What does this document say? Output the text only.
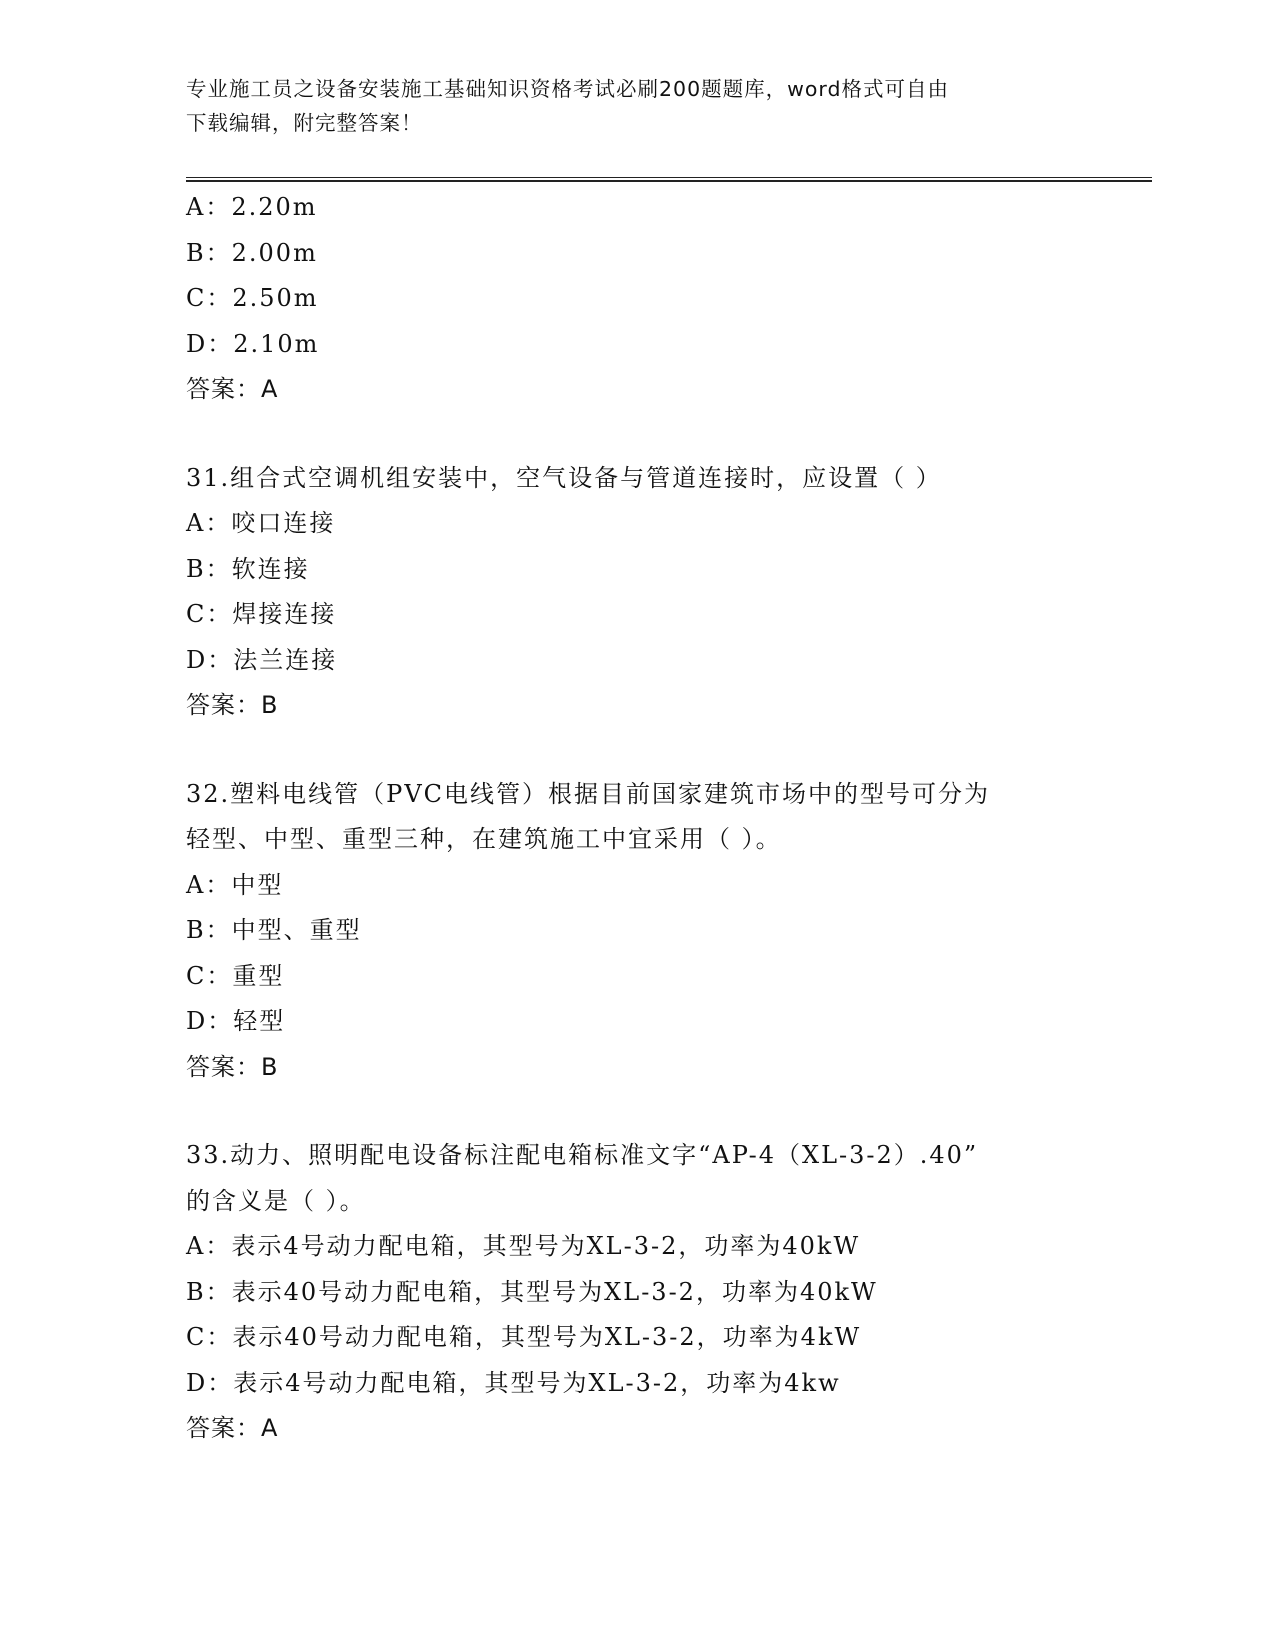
专业施工员之设备安装施工基础知识资格考试必刷200题题库，word格式可自由
下载编辑，附完整答案！
A：2.20m
B：2.00m
C：2.50m
D：2.10m
答案：A
31.组合式空调机组安装中，空气设备与管道连接时，应设置（ ）
A：咬口连接
B：软连接
C：焊接连接
D：法兰连接
答案：B
32.塑料电线管（PVC电线管）根据目前国家建筑市场中的型号可分为
轻型、中型、重型三种，在建筑施工中宜采用（ ）。
A：中型
B：中型、重型
C：重型
D：轻型
答案：B
33.动力、照明配电设备标注配电箱标准文字“AP-4（XL-3-2）.40”
的含义是（ ）。
A：表示4号动力配电箱，其型号为XL-3-2，功率为40kW
B：表示40号动力配电箱，其型号为XL-3-2，功率为40kW
C：表示40号动力配电箱，其型号为XL-3-2，功率为4kW
D：表示4号动力配电箱，其型号为XL-3-2，功率为4kw
答案：A
